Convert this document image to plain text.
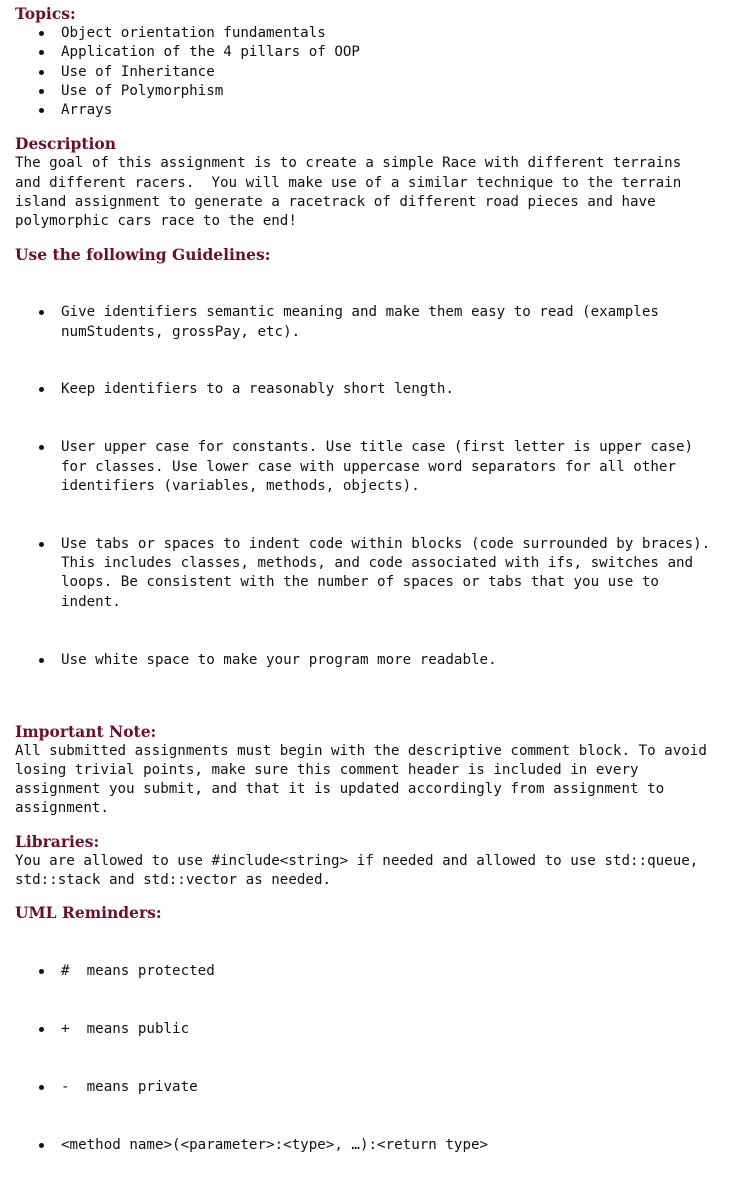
Topics:
Object orientation fundamentals
Application of the 4 pillars of OOP
Use of Inheritance
Use of Polymorphism
Arrays
Description

The goal of this assignment is to create a simple Race with different terrains
and different racers.  You will make use of a similar technique to the terrain
island assignment to generate a racetrack of different road pieces and have
polymorphic cars race to the end!

Use the following Guidelines:

Give identifiers semantic meaning and make them easy to read (examples
numStudents, grossPay, etc).

Keep identifiers to a reasonably short length.

User upper case for constants. Use title case (first letter is upper case)
for classes. Use lower case with uppercase word separators for all other
identifiers (variables, methods, objects).

Use tabs or spaces to indent code within blocks (code surrounded by braces).
This includes classes, methods, and code associated with ifs, switches and
loops. Be consistent with the number of spaces or tabs that you use to
indent.

Use white space to make your program more readable.

Important Note:

All submitted assignments must begin with the descriptive comment block. To avoid
losing trivial points, make sure this comment header is included in every
assignment you submit, and that it is updated accordingly from assignment to
assignment.

Libraries:

You are allowed to use #include<string> if needed and allowed to use std::queue,
std::stack and std::vector as needed.

UML Reminders:

#  means protected

+  means public

-  means private

<method name>(<parameter>:<type>, …):<return type>
